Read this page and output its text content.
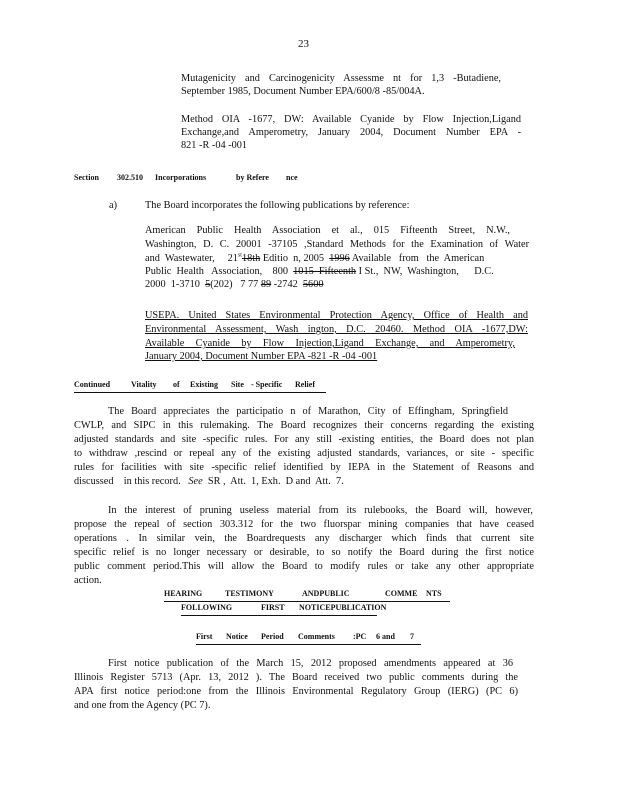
23
Mutagenicity and Carcinogenicity Assessme nt for 1,3 -Butadiene,
September 1985, Document Number EPA/600/8 -85/004A.
Method OIA -1677, DW: Available Cyanide by Flow Injection,Ligand
Exchange,and Amperometry, January 2004, Document Number EPA -
821 -R -04 -001
Section 302.510 Incorporations	by Refere nce
a)	The Board incorporates the following publications by reference:
American Public Health Association et al., 015 Fifteenth Street, N.W.,
Washington, D. C. 20001 -37105 ,Standard Methods for the Examination of Water
and  Wastewater,     21st18th Editio  n, 2005  1996 Available   from   the  American
Public  Health   Association,    800  1015  Fifteenth I St.,  NW,  Washington,      D.C.
2000  1-3710  5(202)   7 77 89 -2742  5600
USEPA. United States Environmental Protection Agency, Office of Health and
Environmental Assessment, Wash ington, D.C. 20460. Method OIA -1677,DW:
Available Cyanide by Flow Injection,Ligand Exchange, and Amperometry,
January 2004, Document Number EPA -821 -R -04 -001
Continued	Vitality of Existing Site - Specific Relief
The Board appreciates the participatio n of Marathon, City of Effingham, Springfield
CWLP, and SIPC in this rulemaking. The Board recognizes their concerns regarding the existing
adjusted standards and site -specific rules. For any still -existing entities, the Board does not plan
to withdraw ,rescind or repeal any of the existing adjusted standards, variances, or site - specific
rules for facilities with site -specific relief identified by IEPA in the Statement of Reasons and
discussed    in this record.   See  SR ,  Att.  1, Exh.  D and  Att.  7.
In the interest of pruning useless material from its rulebooks, the Board will, however,
propose the repeal of section 303.312 for the two fluorspar mining companies that have ceased
operations . In similar vein, the Boardrequests any discharger which finds that current site
specific relief is no longer necessary or desirable, to so notify the Board during the first notice
public comment period.This will allow the Board to modify rules or take any other appropriate
action.
HEARING	TESTIMONY	ANDPUBLIC	COMME NTS
FOLLOWING	FIRST NOTICEPUBLICATION
First Notice Period Comments :PC 6 and 7
First notice publication of the March 15, 2012 proposed amendments appeared at 36
Illinois Register 5713 (Apr. 13, 2012 ). The Board received two public comments during the
APA first notice period:one from the Illinois Environmental Regulatory Group (IERG) (PC 6)
and one from the Agency (PC 7).
